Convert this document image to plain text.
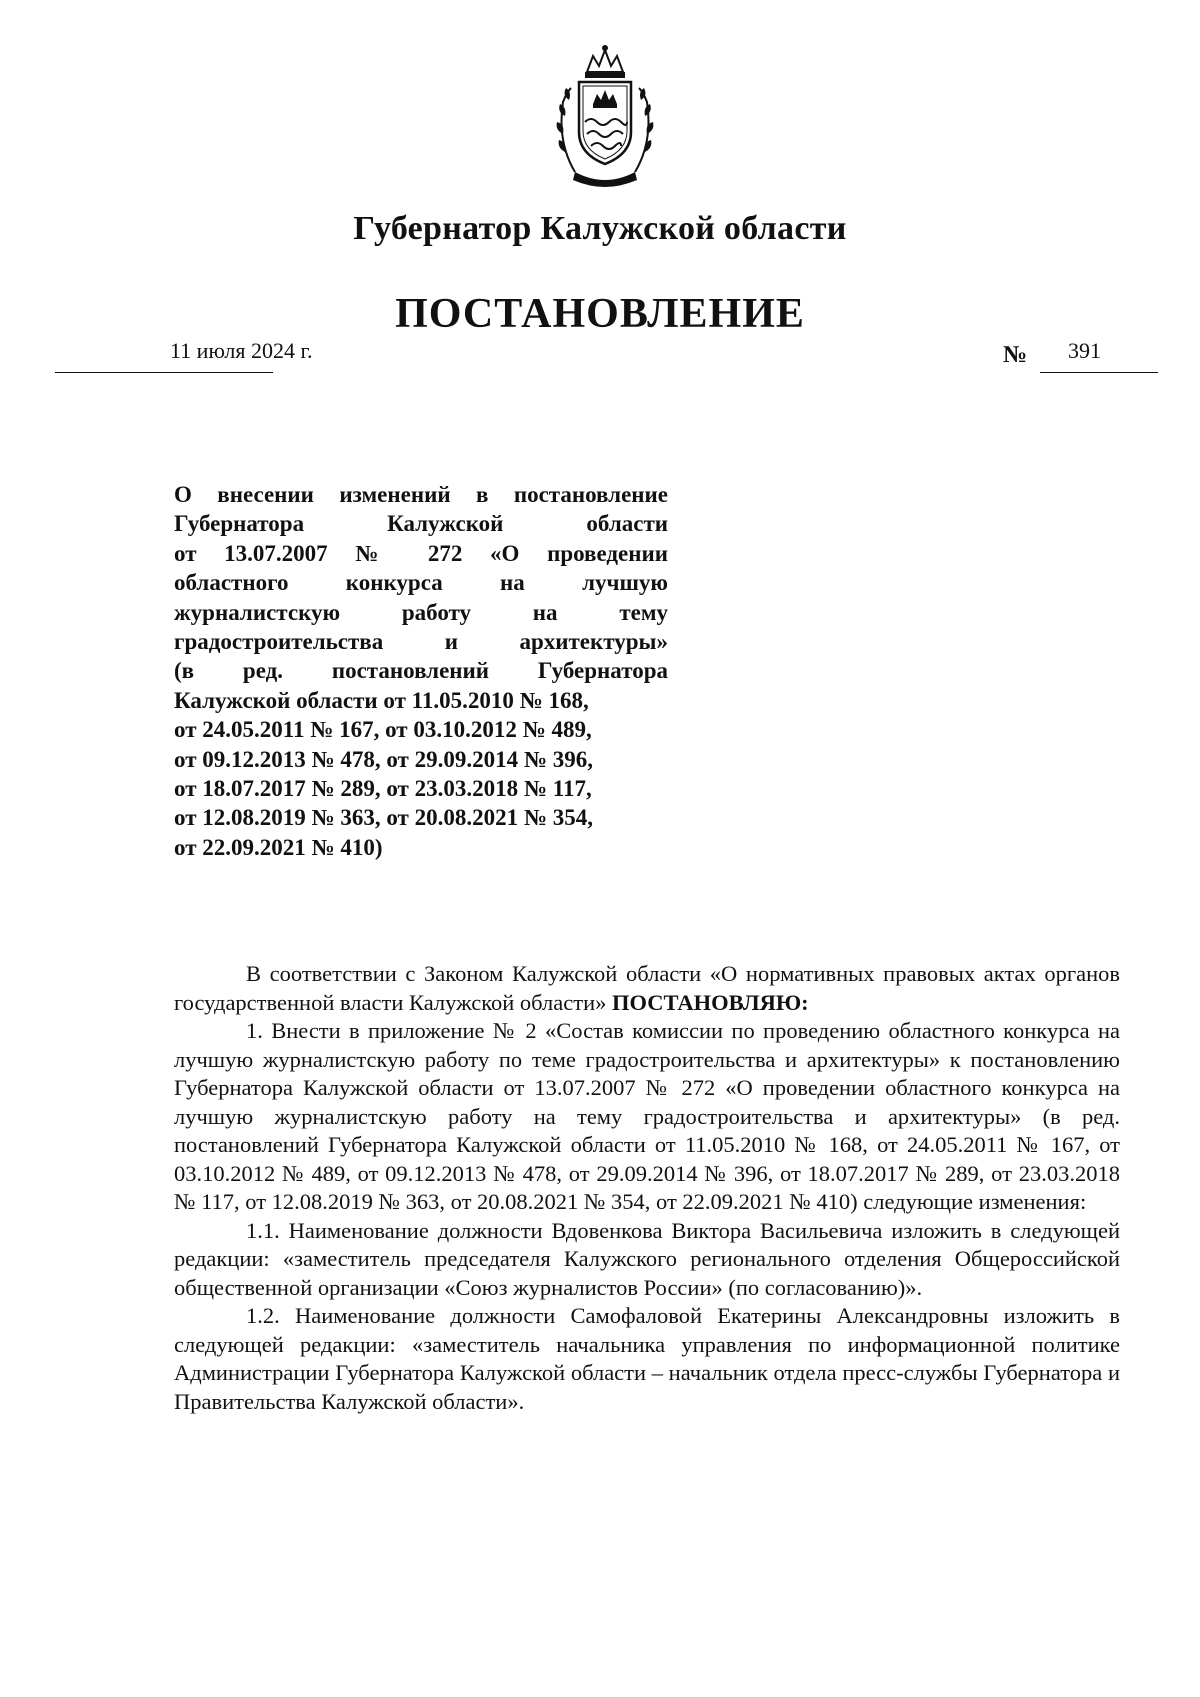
Губернатор Калужской области
ПОСТАНОВЛЕНИЕ
11 июля 2024 г.	№ 391
О внесении изменений в постановление
Губернатора Калужской области
от 13.07.2007 № 272 «О проведении
областного конкурса на лучшую
журналистскую работу на тему
градостроительства и архитектуры»
(в ред. постановлений Губернатора
Калужской области от 11.05.2010 № 168,
от 24.05.2011 № 167, от 03.10.2012 № 489,
от 09.12.2013 № 478, от 29.09.2014 № 396,
от 18.07.2017 № 289, от 23.03.2018 № 117,
от 12.08.2019 № 363, от 20.08.2021 № 354,
от 22.09.2021 № 410)

В соответствии с Законом Калужской области «О нормативных правовых актах органов государственной власти Калужской области» ПОСТАНОВЛЯЮ:

1. Внести в приложение № 2 «Состав комиссии по проведению областного конкурса на лучшую журналистскую работу по теме градостроительства и архитектуры» к постановлению Губернатора Калужской области от 13.07.2007 № 272 «О проведении областного конкурса на лучшую журналистскую работу на тему градостроительства и архитектуры» (в ред. постановлений Губернатора Калужской области от 11.05.2010 № 168, от 24.05.2011 № 167, от 03.10.2012 № 489, от 09.12.2013 № 478, от 29.09.2014 № 396, от 18.07.2017 № 289, от 23.03.2018 № 117, от 12.08.2019 № 363, от 20.08.2021 № 354, от 22.09.2021 № 410) следующие изменения:

1.1. Наименование должности Вдовенкова Виктора Васильевича изложить в следующей редакции: «заместитель председателя Калужского регионального отделения Общероссийской общественной организации «Союз журналистов России» (по согласованию)».

1.2. Наименование должности Самофаловой Екатерины Александровны изложить в следующей редакции: «заместитель начальника управления по информационной политике Администрации Губернатора Калужской области – начальник отдела пресс-службы Губернатора и Правительства Калужской области».
